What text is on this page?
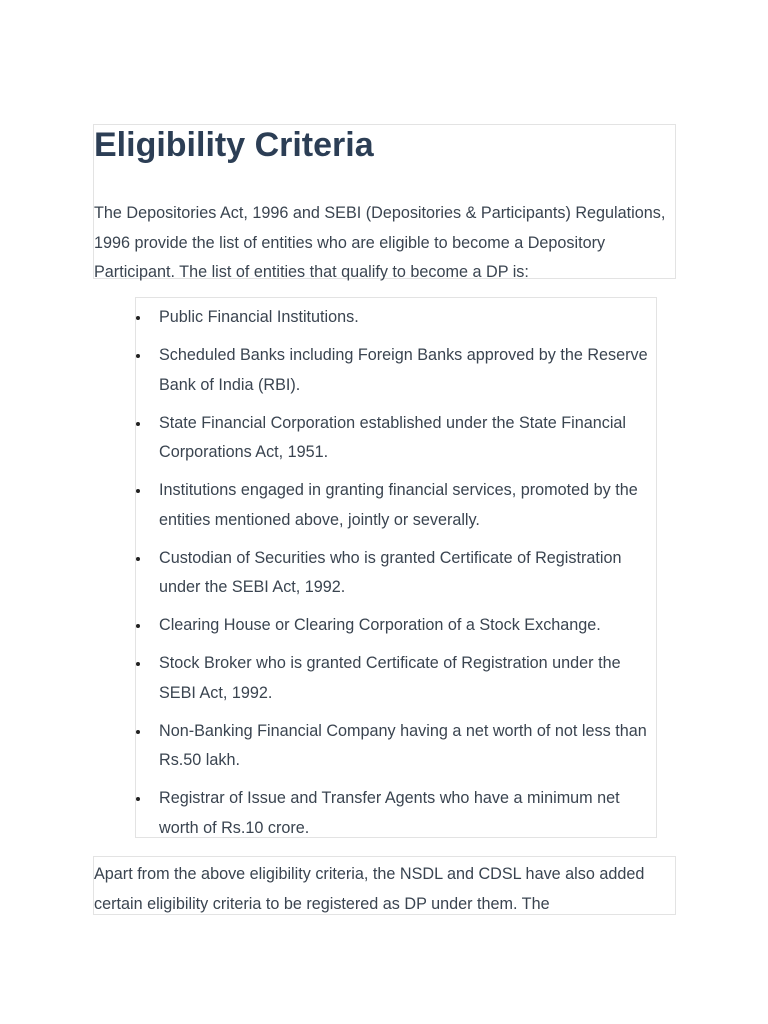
Eligibility Criteria

The Depositories Act, 1996 and SEBI (Depositories & Participants) Regulations, 1996 provide the list of entities who are eligible to become a Depository Participant. The list of entities that qualify to become a DP is:

Public Financial Institutions.
Scheduled Banks including Foreign Banks approved by the Reserve Bank of India (RBI).
State Financial Corporation established under the State Financial Corporations Act, 1951.
Institutions engaged in granting financial services, promoted by the entities mentioned above, jointly or severally.
Custodian of Securities who is granted Certificate of Registration under the SEBI Act, 1992.
Clearing House or Clearing Corporation of a Stock Exchange.
Stock Broker who is granted Certificate of Registration under the SEBI Act, 1992.
Non-Banking Financial Company having a net worth of not less than Rs.50 lakh.
Registrar of Issue and Transfer Agents who have a minimum net worth of Rs.10 crore.

Apart from the above eligibility criteria, the NSDL and CDSL have also added certain eligibility criteria to be registered as DP under them. The
